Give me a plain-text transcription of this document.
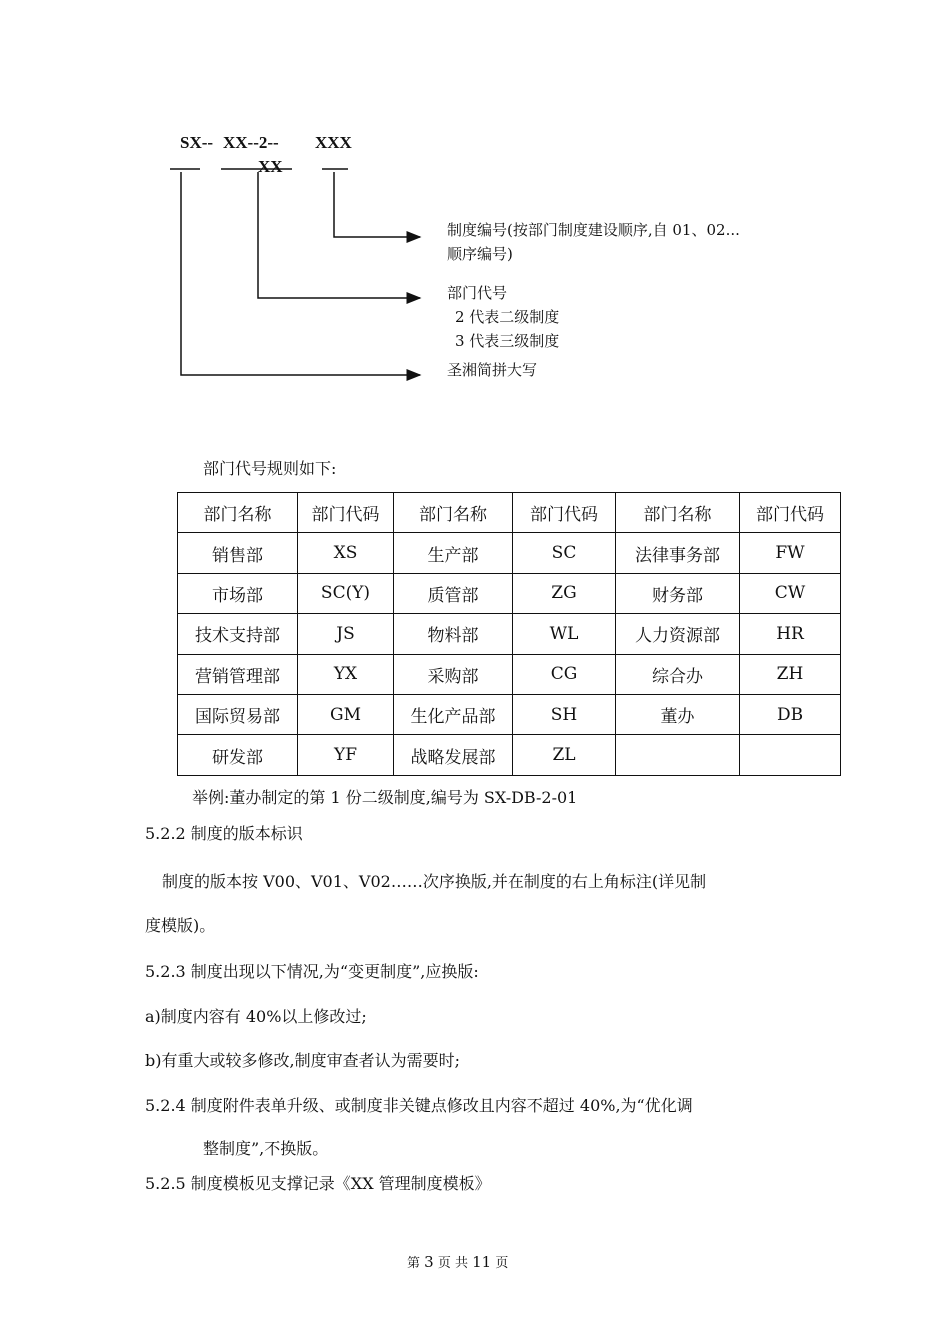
SX-- XX--2-- XXX
XX
制度编号(按部门制度建设顺序,自 01、02...
顺序编号)
部门代号
2 代表二级制度
3 代表三级制度
圣湘简拼大写
部门代号规则如下:
部门名称	部门代码	部门名称	部门代码	部门名称	部门代码
销售部	XS	生产部	SC	法律事务部	FW
市场部	SC(Y)	质管部	ZG	财务部	CW
技术支持部	JS	物料部	WL	人力资源部	HR
营销管理部	YX	采购部	CG	综合办	ZH
国际贸易部	GM	生化产品部	SH	董办	DB
研发部	YF	战略发展部	ZL		
举例:董办制定的第 1 份二级制度,编号为 SX-DB-2-01
5.2.2 制度的版本标识
制度的版本按 V00、V01、V02……次序换版,并在制度的右上角标注(详见制
度模版)。
5.2.3 制度出现以下情况,为“变更制度”,应换版:
a)制度内容有 40%以上修改过;
b)有重大或较多修改,制度审查者认为需要时;
5.2.4 制度附件表单升级、或制度非关键点修改且内容不超过 40%,为“优化调
整制度”,不换版。
5.2.5 制度模板见支撑记录《XX 管理制度模板》
第 3 页 共 11 页
